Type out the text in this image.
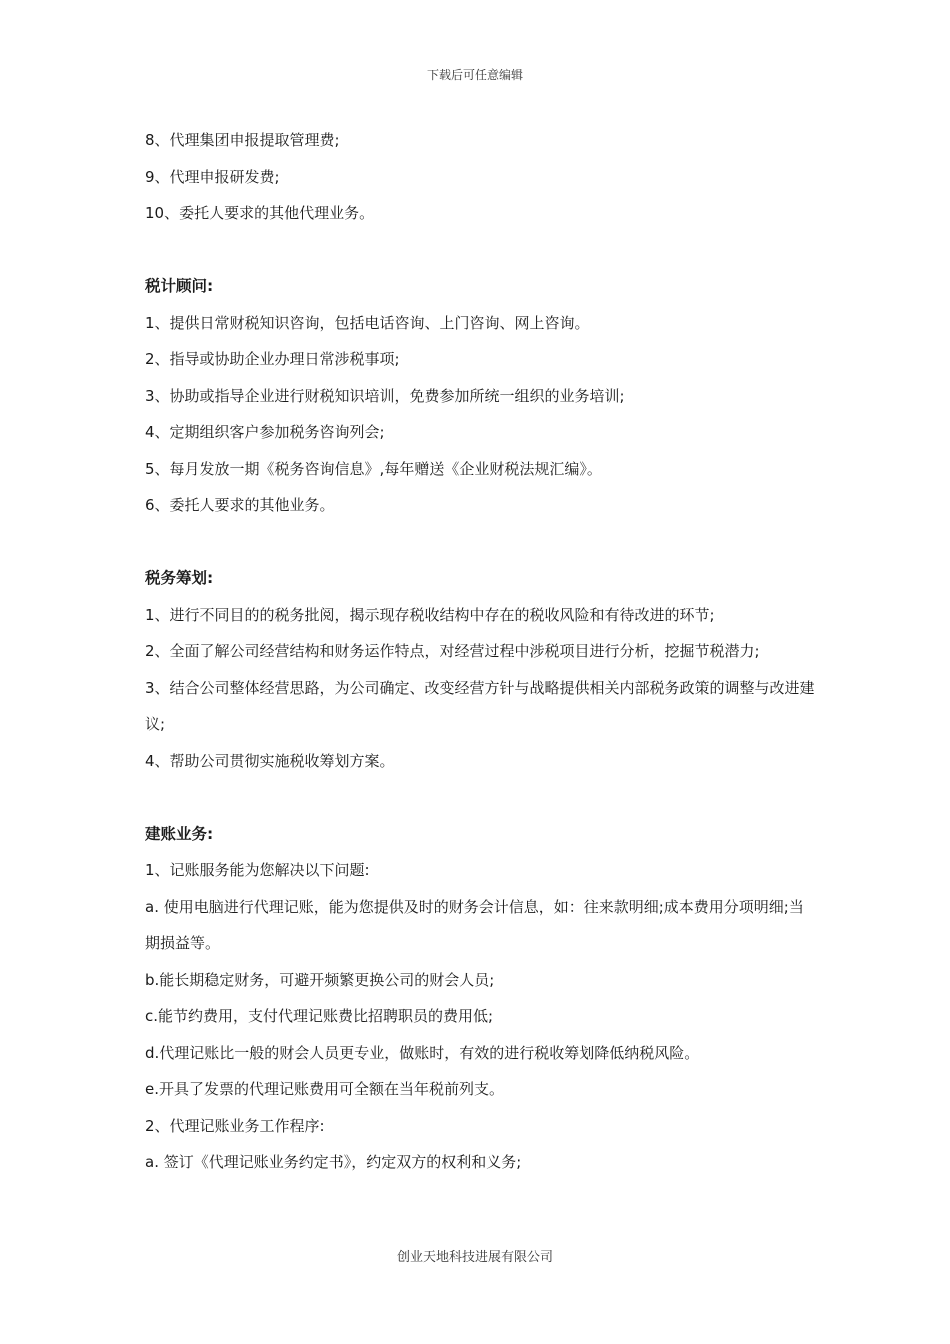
下载后可任意编辑

8、代理集团申报提取管理费;

9、代理申报研发费;

10、委托人要求的其他代理业务。

税计顾问:

1、提供日常财税知识咨询，包括电话咨询、上门咨询、网上咨询。

2、指导或协助企业办理日常涉税事项;

3、协助或指导企业进行财税知识培训，免费参加所统一组织的业务培训;

4、定期组织客户参加税务咨询列会;

5、每月发放一期《税务咨询信息》,每年赠送《企业财税法规汇编》。

6、委托人要求的其他业务。

税务筹划:

1、进行不同目的的税务批阅，揭示现存税收结构中存在的税收风险和有待改进的环节;

2、全面了解公司经营结构和财务运作特点，对经营过程中涉税项目进行分析，挖掘节税潜力;

3、结合公司整体经营思路，为公司确定、改变经营方针与战略提供相关内部税务政策的调整与改进建议;

4、帮助公司贯彻实施税收筹划方案。

建账业务:

1、记账服务能为您解决以下问题:

a. 使用电脑进行代理记账，能为您提供及时的财务会计信息，如：往来款明细;成本费用分项明细;当期损益等。

b.能长期稳定财务，可避开频繁更换公司的财会人员;

c.能节约费用，支付代理记账费比招聘职员的费用低;

d.代理记账比一般的财会人员更专业，做账时，有效的进行税收筹划降低纳税风险。

e.开具了发票的代理记账费用可全额在当年税前列支。

2、代理记账业务工作程序:

a. 签订《代理记账业务约定书》，约定双方的权利和义务;

创业天地科技进展有限公司
